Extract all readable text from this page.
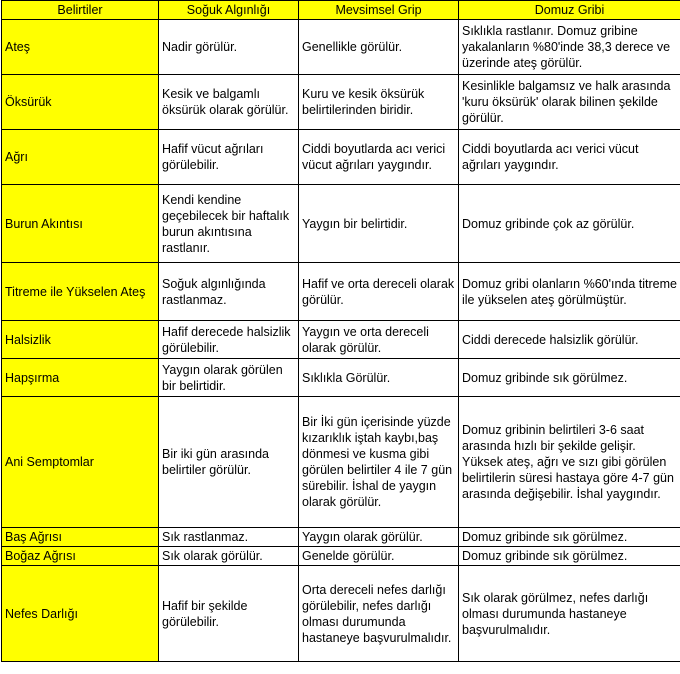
Belirtiler	Soğuk Algınlığı	Mevsimsel Grip	Domuz Gribi
Ateş	Nadir görülür.	Genellikle görülür.	Sıklıkla rastlanır. Domuz gribine yakalanların %80'inde 38,3 derece ve üzerinde ateş görülür.
Öksürük	Kesik ve balgamlı öksürük olarak görülür.	Kuru ve kesik öksürük belirtilerinden biridir.	Kesinlikle balgamsız ve halk arasında 'kuru öksürük' olarak bilinen şekilde görülür.
Ağrı	Hafif vücut ağrıları görülebilir.	Ciddi boyutlarda acı verici vücut ağrıları yaygındır.	Ciddi boyutlarda acı verici vücut ağrıları yaygındır.
Burun Akıntısı	Kendi kendine geçebilecek bir haftalık burun akıntısına rastlanır.	Yaygın bir belirtidir.	Domuz gribinde çok az görülür.
Titreme ile Yükselen Ateş	Soğuk algınlığında rastlanmaz.	Hafif ve orta dereceli olarak görülür.	Domuz gribi olanların %60'ında titreme ile yükselen ateş görülmüştür.
Halsizlik	Hafif derecede halsizlik görülebilir.	Yaygın ve orta dereceli olarak görülür.	Ciddi derecede halsizlik görülür.
Hapşırma	Yaygın olarak görülen bir belirtidir.	Sıklıkla Görülür.	Domuz gribinde sık görülmez.
Ani Semptomlar	Bir iki gün arasında belirtiler görülür.	Bir İki gün içerisinde yüzde kızarıklık iştah kaybı,baş dönmesi ve kusma gibi görülen belirtiler 4 ile 7 gün sürebilir. İshal de yaygın olarak görülür.	Domuz gribinin belirtileri 3-6 saat arasında hızlı bir şekilde gelişir. Yüksek ateş, ağrı ve sızı gibi görülen belirtilerin süresi hastaya göre 4-7 gün arasında değişebilir. İshal yaygındır.
Baş Ağrısı	Sık rastlanmaz.	Yaygın olarak görülür.	Domuz gribinde sık görülmez.
Boğaz Ağrısı	Sık olarak görülür.	Genelde görülür.	Domuz gribinde sık görülmez.
Nefes Darlığı	Hafif bir şekilde görülebilir.	Orta dereceli nefes darlığı görülebilir, nefes darlığı olması durumunda hastaneye başvurulmalıdır.	Sık olarak görülmez, nefes darlığı olması durumunda hastaneye başvurulmalıdır.
